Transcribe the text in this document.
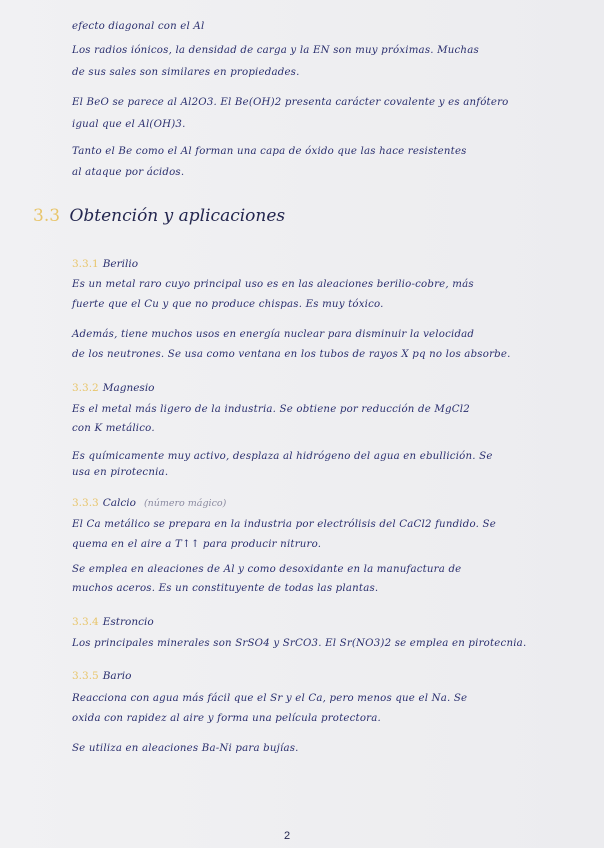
efecto diagonal con el Al
Los radios iónicos, la densidad de carga y la EN son muy próximas. Muchas
de sus sales son similares en propiedades.
El BeO se parece al Al2O3. El Be(OH)2 presenta carácter covalente y es anfótero
igual que el Al(OH)3.
Tanto el Be como el Al forman una capa de óxido que las hace resistentes
al ataque por ácidos.
3.3 Obtención y aplicaciones
3.3.1 Berilio
Es un metal raro cuyo principal uso es en las aleaciones berilio-cobre, más
fuerte que el Cu y que no produce chispas. Es muy tóxico.
Además, tiene muchos usos en energía nuclear para disminuir la velocidad
de los neutrones. Se usa como ventana en los tubos de rayos X pq no los absorbe.
3.3.2 Magnesio
Es el metal más ligero de la industria. Se obtiene por reducción de MgCl2
con K metálico.
Es químicamente muy activo, desplaza al hidrógeno del agua en ebullición. Se
usa en pirotecnia.
3.3.3 Calcio (número mágico)
El Ca metálico se prepara en la industria por electrólisis del CaCl2 fundido. Se
quema en el aire a T↑↑ para producir nitruro.
Se emplea en aleaciones de Al y como desoxidante en la manufactura de
muchos aceros. Es un constituyente de todas las plantas.
3.3.4 Estroncio
Los principales minerales son SrSO4 y SrCO3. El Sr(NO3)2 se emplea en pirotecnia.
3.3.5 Bario
Reacciona con agua más fácil que el Sr y el Ca, pero menos que el Na. Se
oxida con rapidez al aire y forma una película protectora.
Se utiliza en aleaciones Ba-Ni para bujías.
2
